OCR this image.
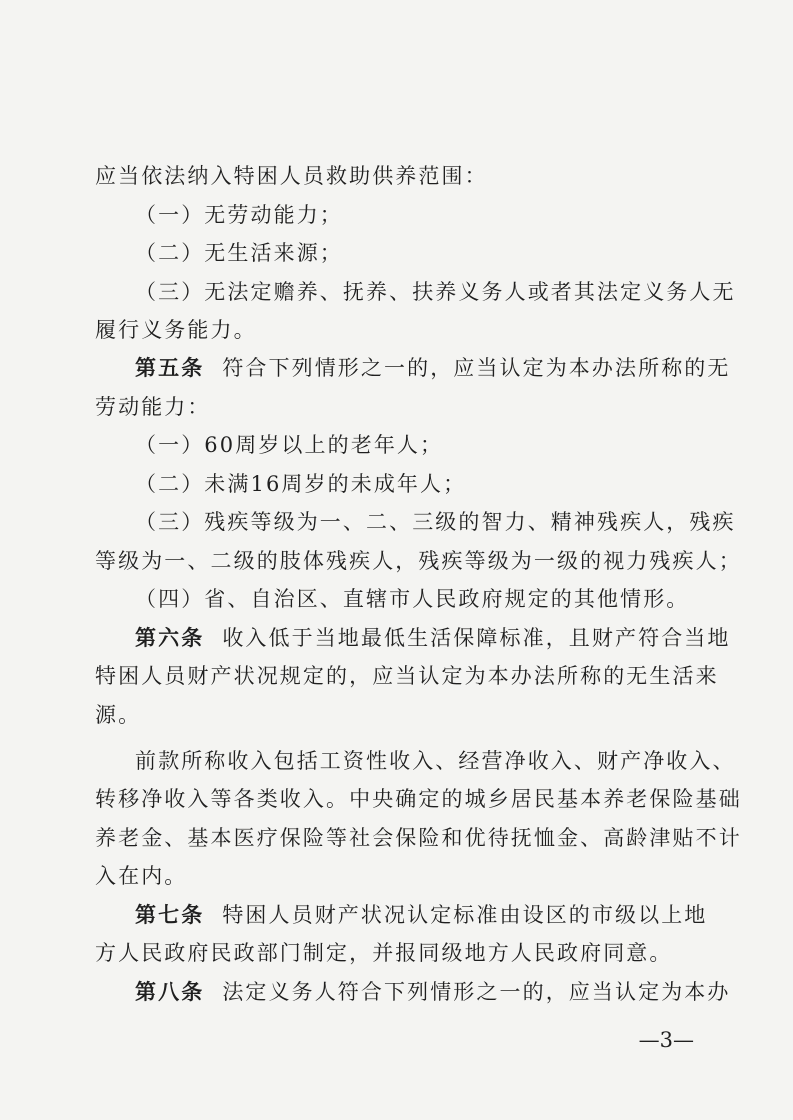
应当依法纳入特困人员救助供养范围：
（一）无劳动能力；
（二）无生活来源；
（三）无法定赡养、抚养、扶养义务人或者其法定义务人无
履行义务能力。
第五条 符合下列情形之一的，应当认定为本办法所称的无
劳动能力：
（一）60周岁以上的老年人；
（二）未满16周岁的未成年人；
（三）残疾等级为一、二、三级的智力、精神残疾人，残疾
等级为一、二级的肢体残疾人，残疾等级为一级的视力残疾人；
（四）省、自治区、直辖市人民政府规定的其他情形。
第六条 收入低于当地最低生活保障标准，且财产符合当地
特困人员财产状况规定的，应当认定为本办法所称的无生活来
源。
前款所称收入包括工资性收入、经营净收入、财产净收入、
转移净收入等各类收入。中央确定的城乡居民基本养老保险基础
养老金、基本医疗保险等社会保险和优待抚恤金、高龄津贴不计
入在内。
第七条 特困人员财产状况认定标准由设区的市级以上地
方人民政府民政部门制定，并报同级地方人民政府同意。
第八条 法定义务人符合下列情形之一的，应当认定为本办
—3—
